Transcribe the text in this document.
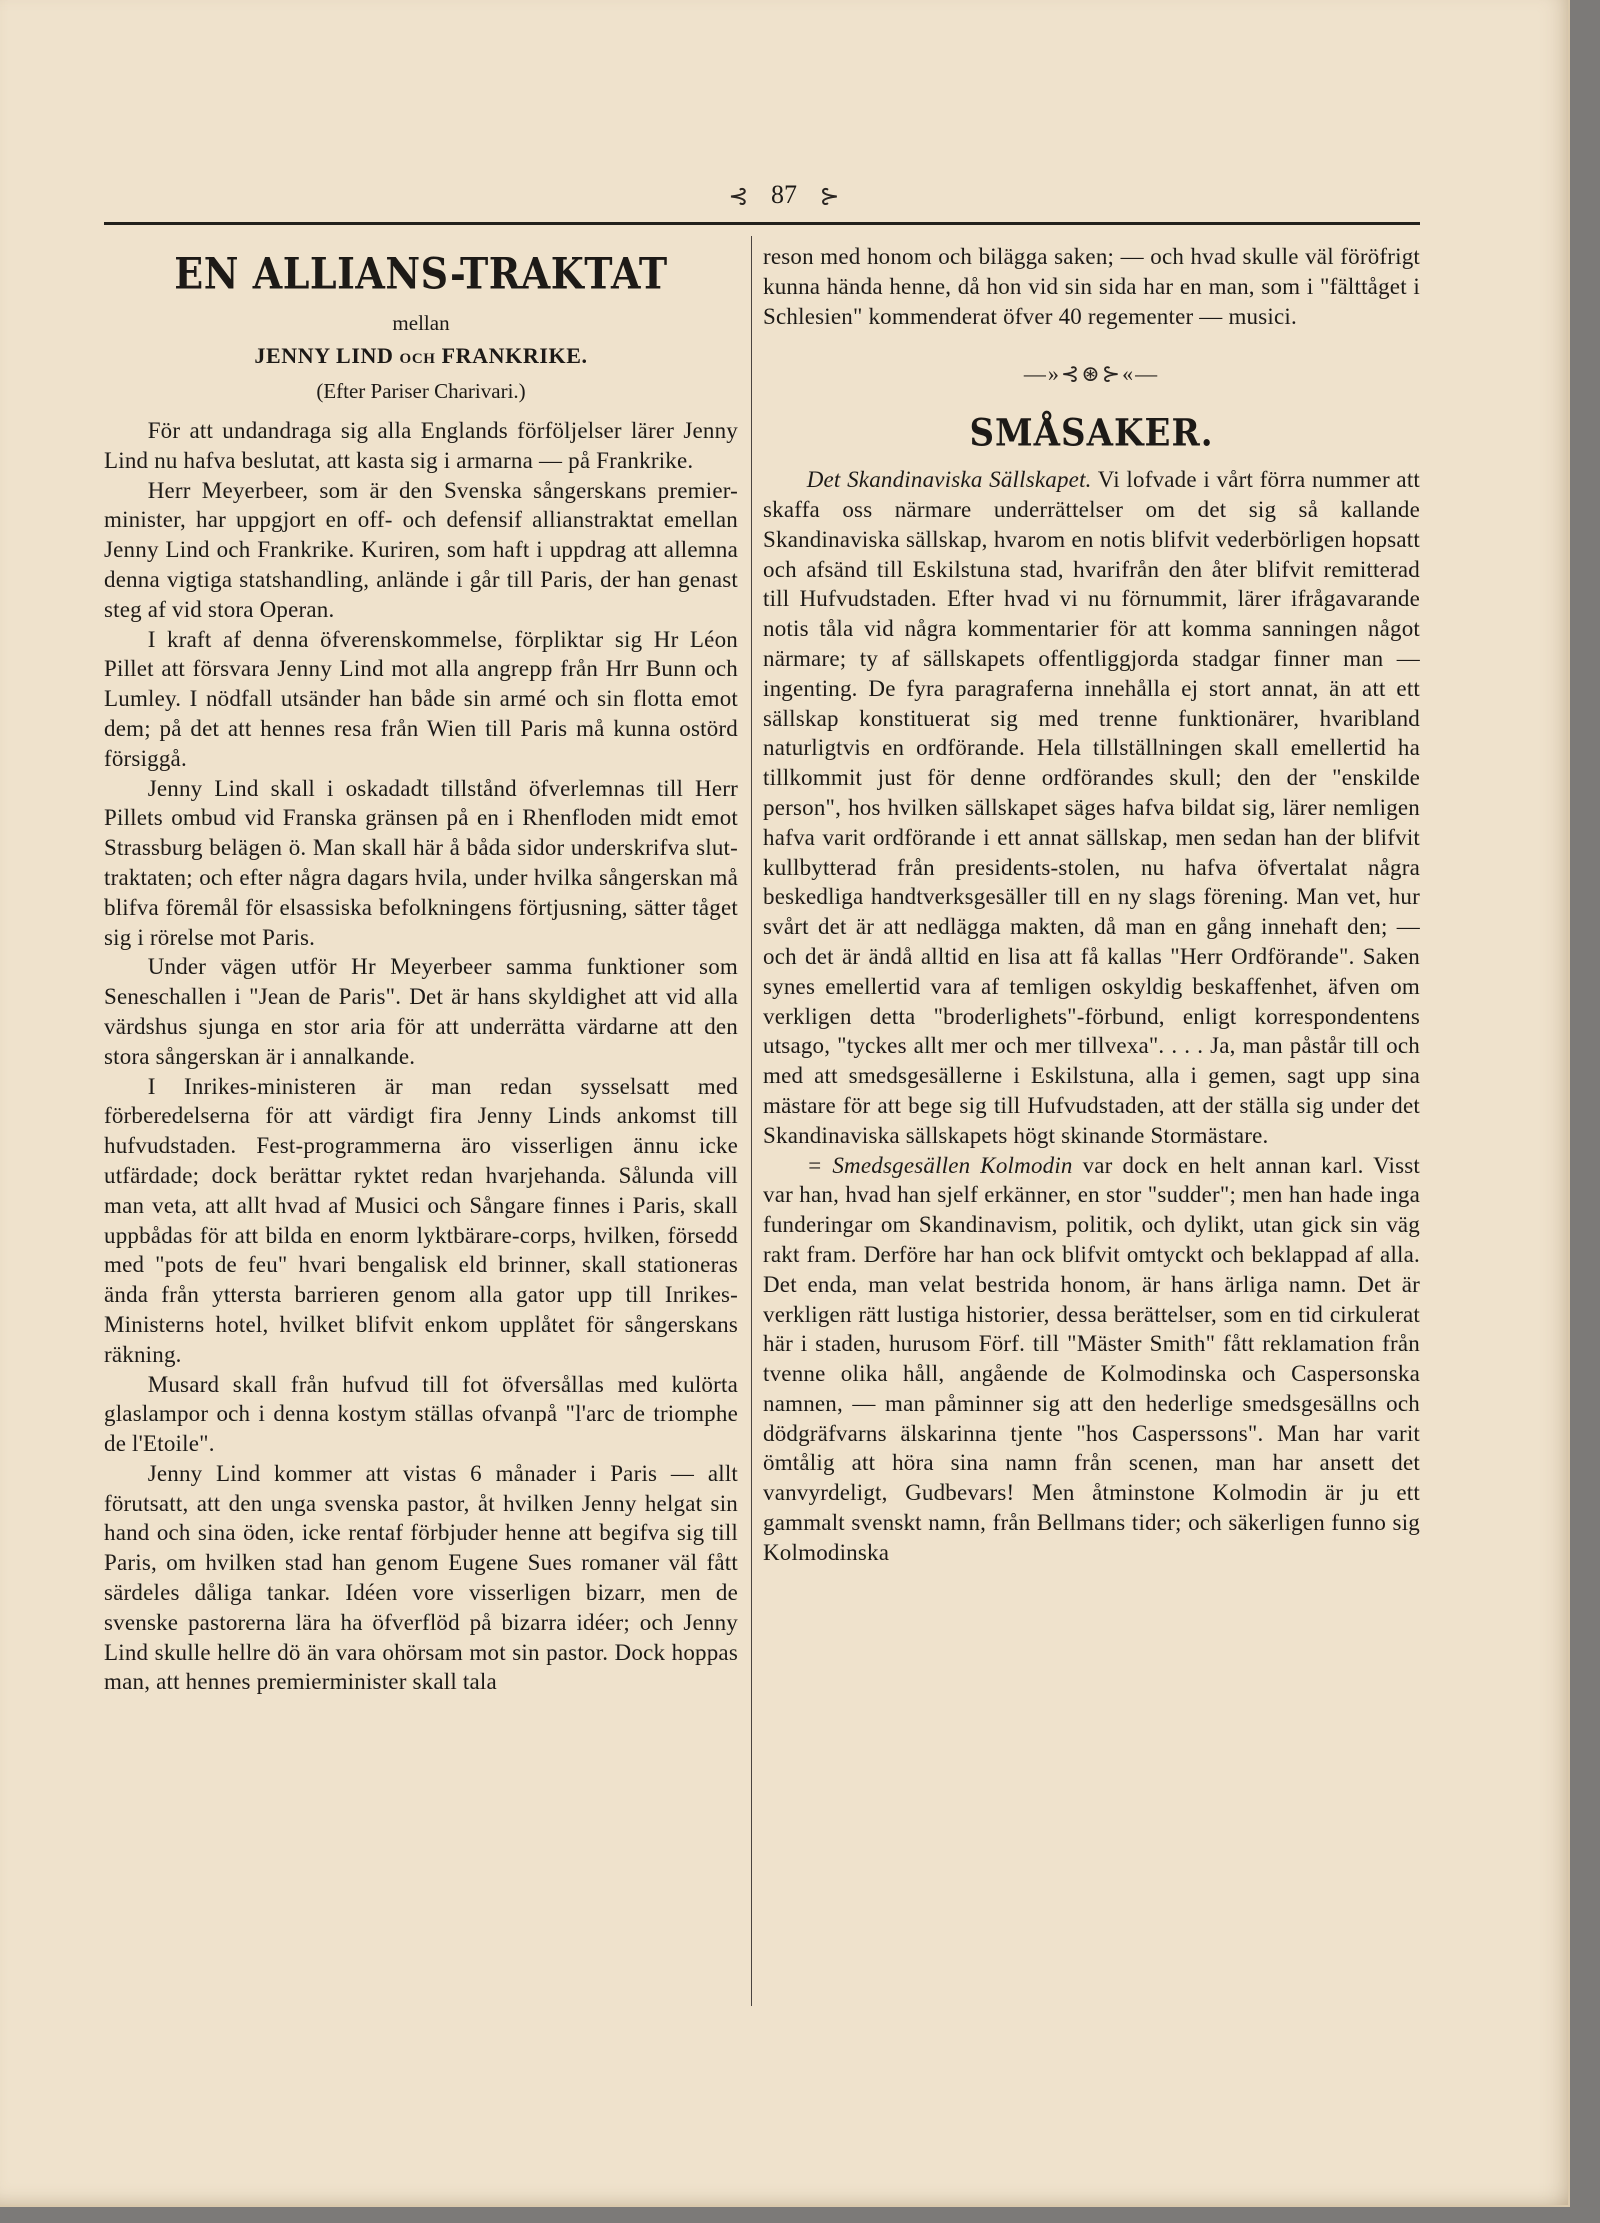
⊰ 87 ⊱
EN ALLIANS-TRAKTAT
mellan
JENNY LIND och FRANKRIKE.
(Efter Pariser Charivari.)

För att undandraga sig alla Englands förföljelser lärer Jenny Lind nu hafva beslutat, att kasta sig i armarna — på Frankrike.

Herr Meyerbeer, som är den Svenska sångerskans premier-minister, har uppgjort en off- och defensif allianstraktat emellan Jenny Lind och Frankrike. Kuriren, som haft i uppdrag att allemna denna vigtiga statshandling, anlände i går till Paris, der han genast steg af vid stora Operan.

I kraft af denna öfverenskommelse, förpliktar sig Hr Léon Pillet att försvara Jenny Lind mot alla angrepp från Hrr Bunn och Lumley. I nödfall utsänder han både sin armé och sin flotta emot dem; på det att hennes resa från Wien till Paris må kunna ostörd försiggå.

Jenny Lind skall i oskadadt tillstånd öfverlemnas till Herr Pillets ombud vid Franska gränsen på en i Rhenfloden midt emot Strassburg belägen ö. Man skall här å båda sidor underskrifva slut-traktaten; och efter några dagars hvila, under hvilka sångerskan må blifva föremål för elsassiska befolkningens förtjusning, sätter tåget sig i rörelse mot Paris.

Under vägen utför Hr Meyerbeer samma funktioner som Seneschallen i "Jean de Paris". Det är hans skyldighet att vid alla värdshus sjunga en stor aria för att underrätta värdarne att den stora sångerskan är i annalkande.

I Inrikes-ministeren är man redan sysselsatt med förberedelserna för att värdigt fira Jenny Linds ankomst till hufvudstaden. Fest-programmerna äro visserligen ännu icke utfärdade; dock berättar ryktet redan hvarjehanda. Sålunda vill man veta, att allt hvad af Musici och Sångare finnes i Paris, skall uppbådas för att bilda en enorm lyktbärare-corps, hvilken, försedd med "pots de feu" hvari bengalisk eld brinner, skall stationeras ända från yttersta barrieren genom alla gator upp till Inrikes-Ministerns hotel, hvilket blifvit enkom upplåtet för sångerskans räkning.

Musard skall från hufvud till fot öfversållas med kulörta glaslampor och i denna kostym ställas ofvanpå "l'arc de triomphe de l'Etoile".

Jenny Lind kommer att vistas 6 månader i Paris — allt förutsatt, att den unga svenska pastor, åt hvilken Jenny helgat sin hand och sina öden, icke rentaf förbjuder henne att begifva sig till Paris, om hvilken stad han genom Eugene Sues romaner väl fått särdeles dåliga tankar. Idéen vore visserligen bizarr, men de svenske pastorerna lära ha öfverflöd på bizarra idéer; och Jenny Lind skulle hellre dö än vara ohörsam mot sin pastor. Dock hoppas man, att hennes premierminister skall tala

reson med honom och bilägga saken; — och hvad skulle väl föröfrigt kunna hända henne, då hon vid sin sida har en man, som i "fälttåget i Schlesien" kommenderat öfver 40 regementer — musici.

—»⊰⊛⊱«—
SMÅSAKER.

Det Skandinaviska Sällskapet. Vi lofvade i vårt förra nummer att skaffa oss närmare underrättelser om det sig så kallande Skandinaviska sällskap, hvarom en notis blifvit vederbörligen hopsatt och afsänd till Eskilstuna stad, hvarifrån den åter blifvit remitterad till Hufvudstaden. Efter hvad vi nu förnummit, lärer ifrågavarande notis tåla vid några kommentarier för att komma sanningen något närmare; ty af sällskapets offentliggjorda stadgar finner man — ingenting. De fyra paragraferna innehålla ej stort annat, än att ett sällskap konstituerat sig med trenne funktionärer, hvaribland naturligtvis en ordförande. Hela tillställningen skall emellertid ha tillkommit just för denne ordförandes skull; den der "enskilde person", hos hvilken sällskapet säges hafva bildat sig, lärer nemligen hafva varit ordförande i ett annat sällskap, men sedan han der blifvit kullbytterad från presidents-stolen, nu hafva öfvertalat några beskedliga handtverksgesäller till en ny slags förening. Man vet, hur svårt det är att nedlägga makten, då man en gång innehaft den; — och det är ändå alltid en lisa att få kallas "Herr Ordförande". Saken synes emellertid vara af temligen oskyldig beskaffenhet, äfven om verkligen detta "broderlighets"-förbund, enligt korrespondentens utsago, "tyckes allt mer och mer tillvexa". . . . Ja, man påstår till och med att smedsgesällerne i Eskilstuna, alla i gemen, sagt upp sina mästare för att bege sig till Hufvudstaden, att der ställa sig under det Skandinaviska sällskapets högt skinande Stormästare.

= Smedsgesällen Kolmodin var dock en helt annan karl. Visst var han, hvad han sjelf erkänner, en stor "sudder"; men han hade inga funderingar om Skandinavism, politik, och dylikt, utan gick sin väg rakt fram. Derföre har han ock blifvit omtyckt och beklappad af alla. Det enda, man velat bestrida honom, är hans ärliga namn. Det är verkligen rätt lustiga historier, dessa berättelser, som en tid cirkulerat här i staden, hurusom Förf. till "Mäster Smith" fått reklamation från tvenne olika håll, angående de Kolmodinska och Caspersonska namnen, — man påminner sig att den hederlige smedsgesällns och dödgräfvarns älskarinna tjente "hos Casperssons". Man har varit ömtålig att höra sina namn från scenen, man har ansett det vanvyrdeligt, Gudbevars! Men åtminstone Kolmodin är ju ett gammalt svenskt namn, från Bellmans tider; och säkerligen funno sig Kolmodinska
